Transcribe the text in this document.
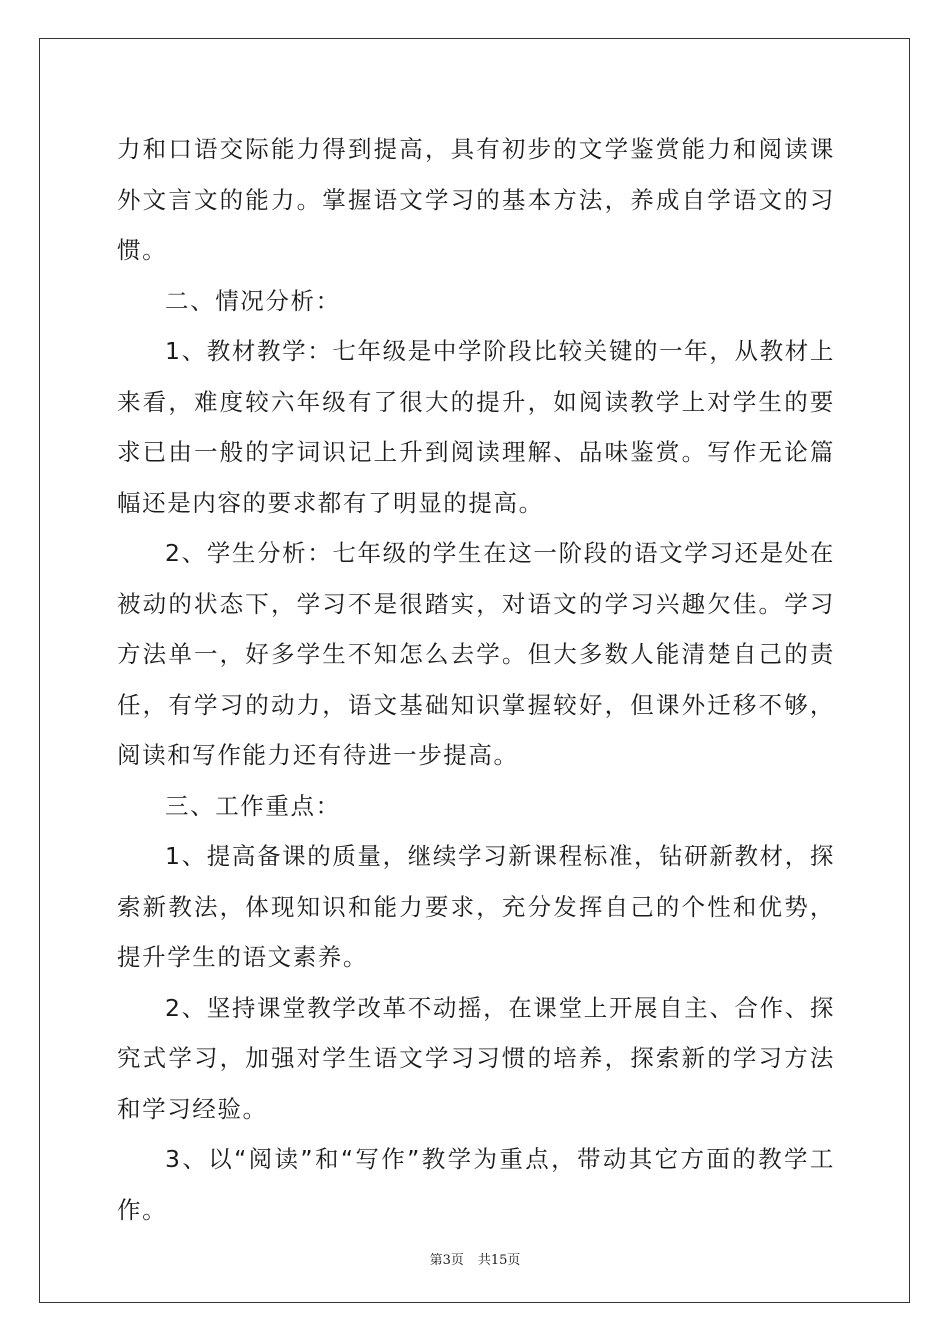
力和口语交际能力得到提高，具有初步的文学鉴赏能力和阅读课外文言文的能力。掌握语文学习的基本方法，养成自学语文的习惯。

二、情况分析：

1、教材教学：七年级是中学阶段比较关键的一年，从教材上来看，难度较六年级有了很大的提升，如阅读教学上对学生的要求已由一般的字词识记上升到阅读理解、品味鉴赏。写作无论篇幅还是内容的要求都有了明显的提高。

2、学生分析：七年级的学生在这一阶段的语文学习还是处在被动的状态下，学习不是很踏实，对语文的学习兴趣欠佳。学习方法单一，好多学生不知怎么去学。但大多数人能清楚自己的责任，有学习的动力，语文基础知识掌握较好，但课外迁移不够，阅读和写作能力还有待进一步提高。

三、工作重点：

1、提高备课的质量，继续学习新课程标准，钻研新教材，探索新教法，体现知识和能力要求，充分发挥自己的个性和优势，提升学生的语文素养。

2、坚持课堂教学改革不动摇，在课堂上开展自主、合作、探究式学习，加强对学生语文学习习惯的培养，探索新的学习方法和学习经验。

3、以“阅读”和“写作”教学为重点，带动其它方面的教学工作。

第3页 共15页
